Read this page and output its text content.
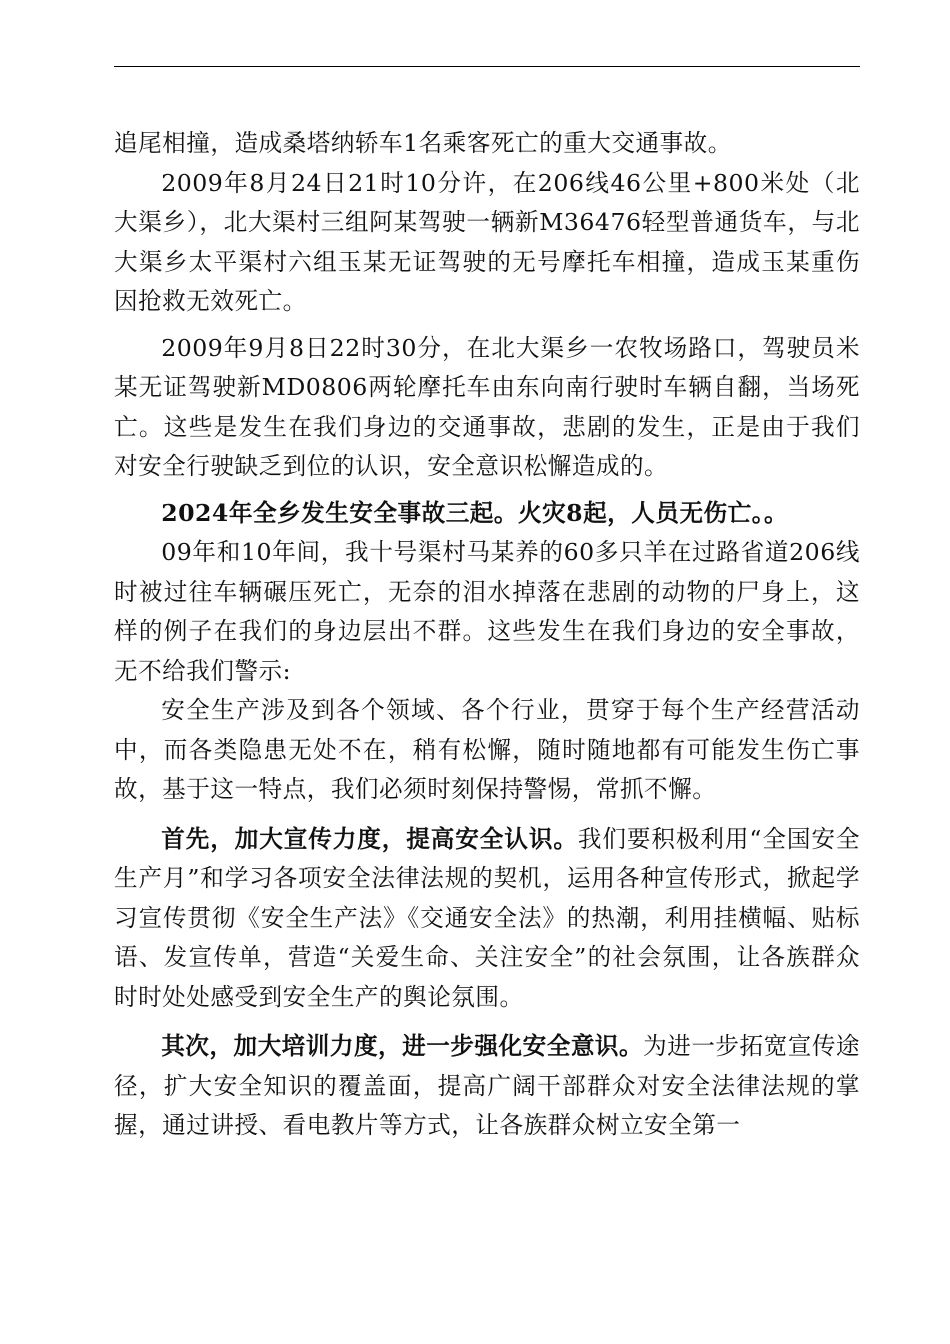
追尾相撞，造成桑塔纳轿车1名乘客死亡的重大交通事故。

2009年8月24日21时10分许，在206线46公里+800米处（北大渠乡），北大渠村三组阿某驾驶一辆新M36476轻型普通货车，与北大渠乡太平渠村六组玉某无证驾驶的无号摩托车相撞，造成玉某重伤因抢救无效死亡。

2009年9月8日22时30分，在北大渠乡一农牧场路口，驾驶员米某无证驾驶新MD0806两轮摩托车由东向南行驶时车辆自翻，当场死亡。这些是发生在我们身边的交通事故，悲剧的发生，正是由于我们对安全行驶缺乏到位的认识，安全意识松懈造成的。

2024年全乡发生安全事故三起。火灾8起，人员无伤亡。。

09年和10年间，我十号渠村马某养的60多只羊在过路省道206线时被过往车辆碾压死亡，无奈的泪水掉落在悲剧的动物的尸身上，这样的例子在我们的身边层出不群。这些发生在我们身边的安全事故，无不给我们警示:

安全生产涉及到各个领域、各个行业，贯穿于每个生产经营活动中，而各类隐患无处不在，稍有松懈，随时随地都有可能发生伤亡事故，基于这一特点，我们必须时刻保持警惕，常抓不懈。

首先，加大宣传力度，提高安全认识。我们要积极利用“全国安全生产月”和学习各项安全法律法规的契机，运用各种宣传形式，掀起学习宣传贯彻《安全生产法》《交通安全法》的热潮，利用挂横幅、贴标语、发宣传单，营造“关爱生命、关注安全”的社会氛围，让各族群众时时处处感受到安全生产的舆论氛围。

其次，加大培训力度，进一步强化安全意识。为进一步拓宽宣传途径，扩大安全知识的覆盖面，提高广阔干部群众对安全法律法规的掌握，通过讲授、看电教片等方式，让各族群众树立安全第一
